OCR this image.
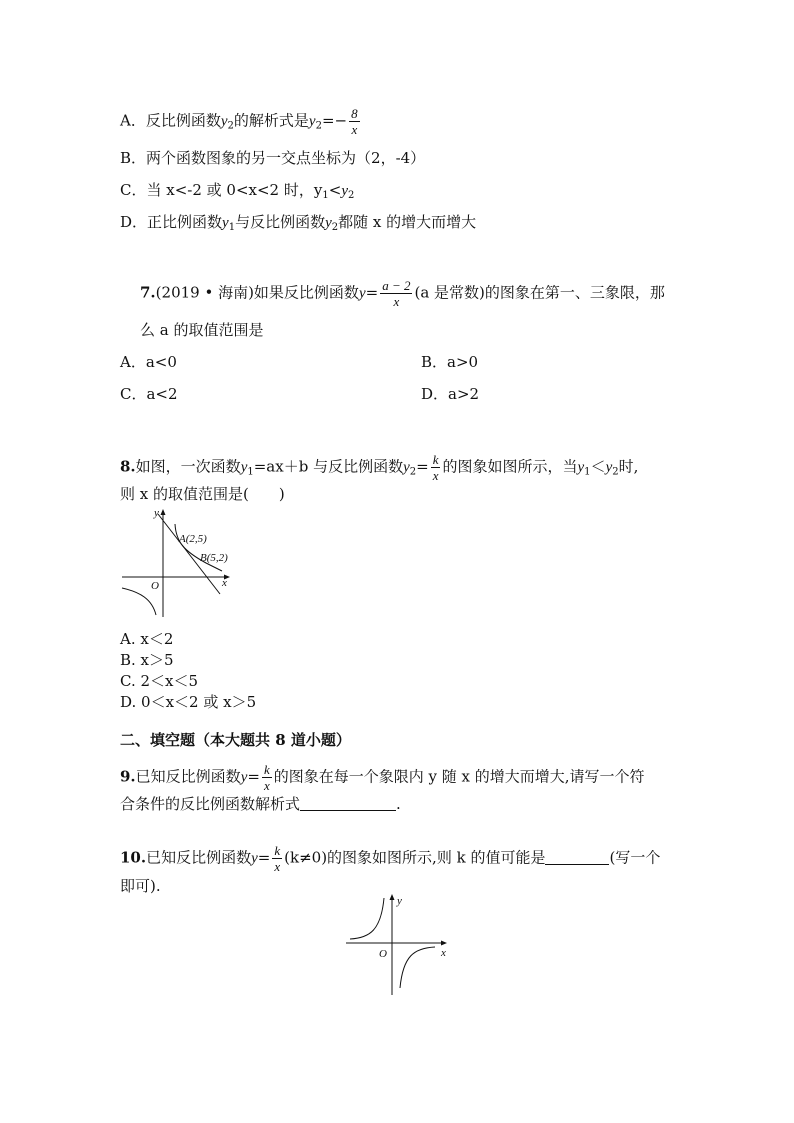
A．反比例函数$y_2$的解析式是$y_2=- \frac{8}{x}$
B．两个函数图象的另一交点坐标为（2，-4）
C．当 x<-2 或 0<x<2 时，$y_1<y_2$
D．正比例函数$y_1$与反比例函数$y_2$都随 x 的增大而增大
7.(2019 • 海南)如果反比例函数$y= \frac{a - 2}{x} (a$ 是常数)的图象在第一、三象限，那
么 a 的取值范围是
A．a<0	B．a>0
C．a<2	D．a>2
8.如图，一次函数$y_1=ax+b$ 与反比例函数$y_2= \frac{k}{x}$ 的图象如图所示，当$y_1<y_2$时,
则 x 的取值范围是(　　)
y
x
O
A(2,5)
B(5,2)
A. x＜2
B. x＞5
C. 2＜x＜5
D. 0＜x＜2 或 x＞5
二、填空题（本大题共 8 道小题）
9.已知反比例函数$y= \frac{k}{x}$ 的图象在每一个象限内 y 随 x 的增大而增大,请写一个符
合条件的反比例函数解析式	.
10.已知反比例函数$y= \frac{k}{x} (k\ne 0)$的图象如图所示,则 k 的值可能是	(写一个
即可).
y
x
O
